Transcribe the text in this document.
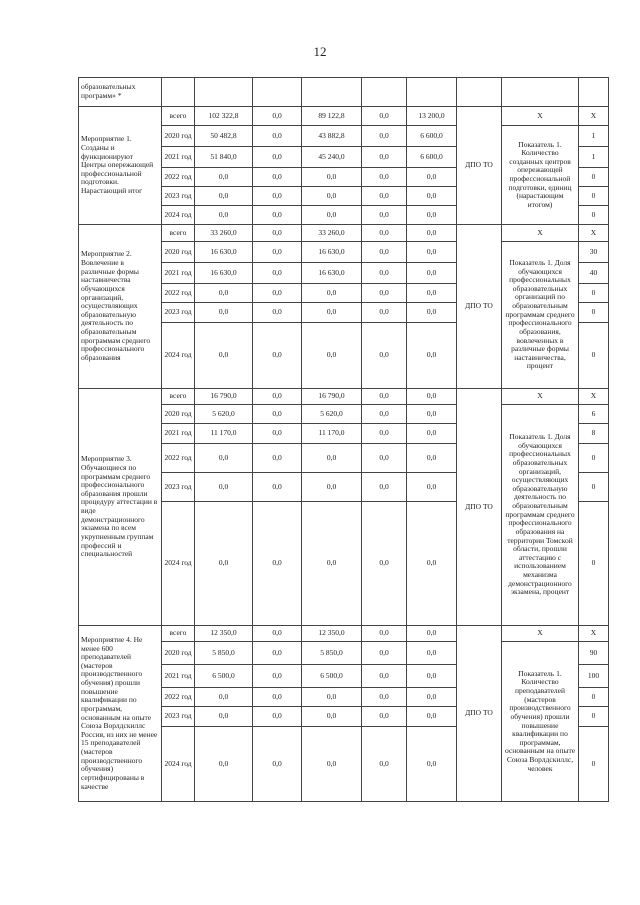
12
образовательных программ» *									
Мероприятие 1. Созданы и функционируют Центры опережающей профессиональной подготовки. Нарастающий итог	всего	102 322,8	0,0	89 122,8	0,0	13 200,0	ДПО ТО	X	X
	2020 год	50 482,8	0,0	43 882,8	0,0	6 600,0		Показатель 1. Количество созданных центров опережающей профессиональной подготовки, единиц (нарастающим итогом)	1
	2021 год	51 840,0	0,0	45 240,0	0,0	6 600,0			1
	2022 год	0,0	0,0	0,0	0,0	0,0			0
	2023 год	0,0	0,0	0,0	0,0	0,0			0
	2024 год	0,0	0,0	0,0	0,0	0,0			0
Мероприятие 2. Вовлечение в различные формы наставничества обучающихся организаций, осуществляющих образовательную деятельность по образовательным программам среднего профессионального образования	всего	33 260,0	0,0	33 260,0	0,0	0,0	ДПО ТО	X	X
	2020 год	16 630,0	0,0	16 630,0	0,0	0,0		Показатель 1. Доля обучающихся профессиональных образовательных организаций по образовательным программам среднего профессионального образования, вовлеченных в различные формы наставничества, процент	30
	2021 год	16 630,0	0,0	16 630,0	0,0	0,0			40
	2022 год	0,0	0,0	0,0	0,0	0,0			0
	2023 год	0,0	0,0	0,0	0,0	0,0			0
	2024 год	0,0	0,0	0,0	0,0	0,0			0
Мероприятие 3. Обучающиеся по программам среднего профессионального образования прошли процедуру аттестации в виде демонстрационного экзамена по всем укрупненным группам профессий и специальностей	всего	16 790,0	0,0	16 790,0	0,0	0,0	ДПО ТО	X	X
	2020 год	5 620,0	0,0	5 620,0	0,0	0,0		Показатель 1. Доля обучающихся профессиональных образовательных организаций, осуществляющих образовательную деятельность по образовательным программам среднего профессионального образования на территории Томской области, прошли аттестацию с использованием механизма демонстрационного экзамена, процент	6
	2021 год	11 170,0	0,0	11 170,0	0,0	0,0			8
	2022 год	0,0	0,0	0,0	0,0	0,0			0
	2023 год	0,0	0,0	0,0	0,0	0,0			0
	2024 год	0,0	0,0	0,0	0,0	0,0			0
Мероприятие 4. Не менее 600 преподавателей (мастеров производственного обучения) прошли повышение квалификации по программам, основанным на опыте Союза Ворлдскиллс Россия, из них не менее 15 преподавателей (мастеров производственного обучения) сертифицированы в качестве	всего	12 350,0	0,0	12 350,0	0,0	0,0	ДПО ТО	X	X
	2020 год	5 850,0	0,0	5 850,0	0,0	0,0		Показатель 1. Количество преподавателей (мастеров производственного обучения) прошли повышение квалификации по программам, основанным на опыте Союза Ворлдскиллс, человек	90
	2021 год	6 500,0	0,0	6 500,0	0,0	0,0			100
	2022 год	0,0	0,0	0,0	0,0	0,0			0
	2023 год	0,0	0,0	0,0	0,0	0,0			0
	2024 год	0,0	0,0	0,0	0,0	0,0			0
